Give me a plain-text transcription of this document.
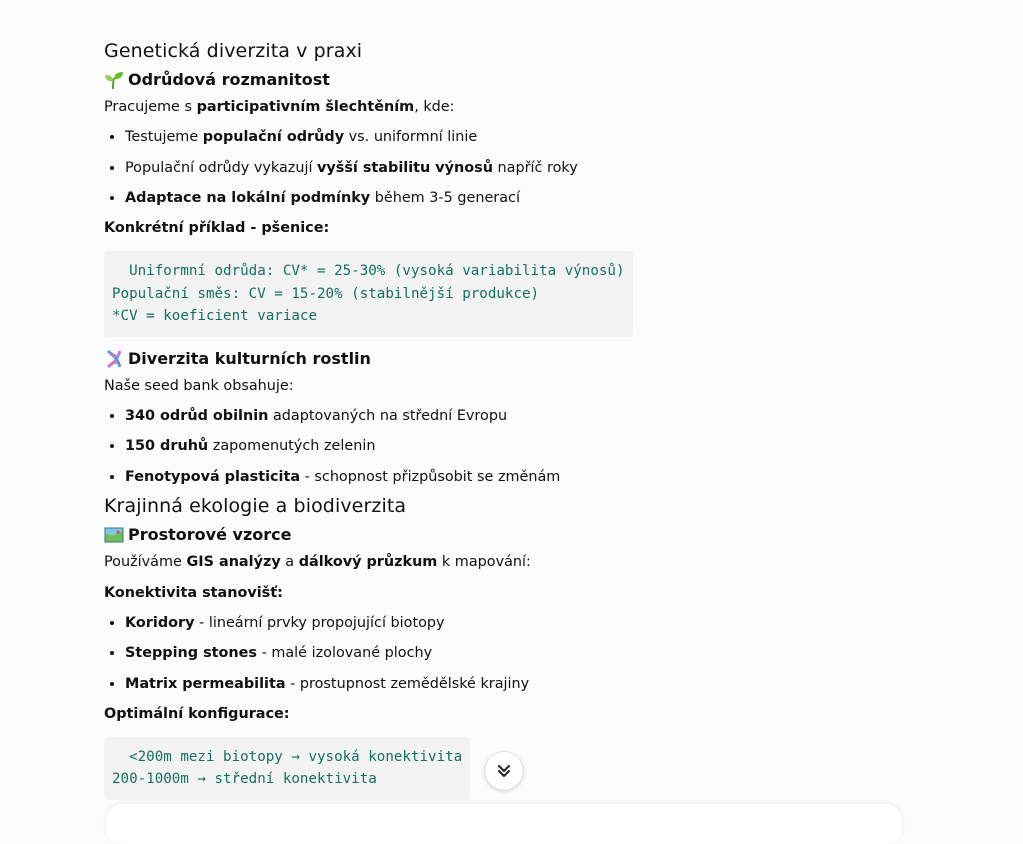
Genetická diverzita v praxi
Odrůdová rozmanitost

Pracujeme s participativním šlechtěním, kde:

• Testujeme populační odrůdy vs. uniformní linie
• Populační odrůdy vykazují vyšší stabilitu výnosů napříč roky
• Adaptace na lokální podmínky během 3-5 generací

Konkrétní příklad - pšenice:

Uniformní odrůda: CV* = 25-30% (vysoká variabilita výnosů)
Populační směs: CV = 15-20% (stabilnější produkce)
*CV = koeficient variace
Diverzita kulturních rostlin

Naše seed bank obsahuje:

• 340 odrůd obilnin adaptovaných na střední Evropu
• 150 druhů zapomenutých zelenin
• Fenotypová plasticita - schopnost přizpůsobit se změnám
Krajinná ekologie a biodiverzita
Prostorové vzorce

Používáme GIS analýzy a dálkový průzkum k mapování:

Konektivita stanovišť:

• Koridory - lineární prvky propojující biotopy
• Stepping stones - malé izolované plochy
• Matrix permeabilita - prostupnost zemědělské krajiny

Optimální konfigurace:

<200m mezi biotopy → vysoká konektivita
200-1000m → střední konektivita
